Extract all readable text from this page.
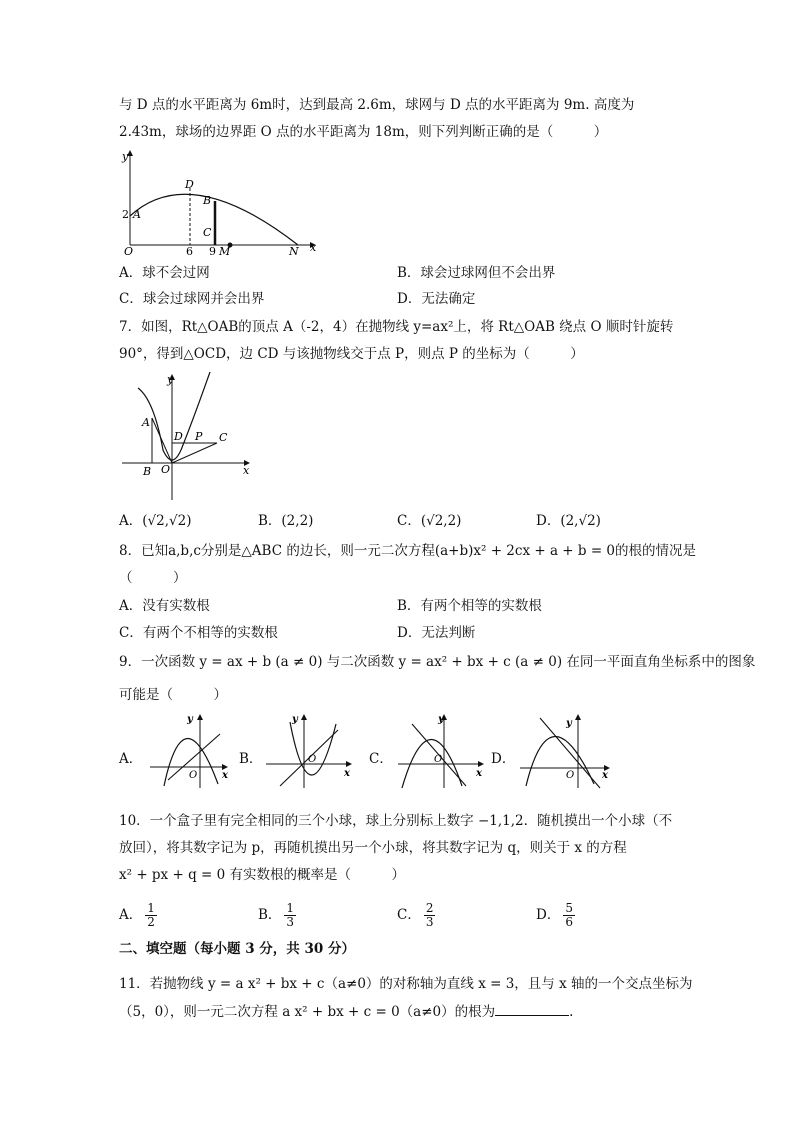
与 D 点的水平距离为 6m时，达到最高 2.6m，球网与 D 点的水平距离为 9m. 高度为
2.43m，球场的边界距 O 点的水平距离为 18m，则下列判断正确的是（　　　）
y
x
2 A
D
B
C
O	6 9 M	N
A．球不会过网	B．球会过球网但不会出界
C．球会过球网并会出界	D．无法确定
7．如图，Rt△OAB的顶点 A（-2，4）在抛物线 y=ax²上，将 Rt△OAB 绕点 O 顺时针旋转
90°，得到△OCD，边 CD 与该抛物线交于点 P，则点 P 的坐标为（　　　）
y
x
A
B O
D P C
A．(√2,√2)	B．(2,2)	C．(√2,2)	D．(2,√2)
8．已知a,b,c分别是△ABC 的边长，则一元二次方程(a+b)x² + 2cx + a + b = 0的根的情况是
（　　　）
A．没有实数根	B．有两个相等的实数根
C．有两个不相等的实数根	D．无法判断
9．一次函数 y = ax + b (a ≠ 0) 与二次函数 y = ax² + bx + c (a ≠ 0) 在同一平面直角坐标系中的图象
可能是（　　　）
A．
y
x
O
B．
y
x
O	C．
y
x
O	D．
y
x
O
10．一个盒子里有完全相同的三个小球，球上分别标上数字 −1,1,2．随机摸出一个小球（不
放回），将其数字记为 p，再随机摸出另一个小球，将其数字记为 q，则关于 x 的方程
x² + px + q = 0 有实数根的概率是（　　　）
A． $\frac{1}{2}$	B． $\frac{1}{3}$	C． $\frac{2}{3}$	D． $\frac{5}{6}$
二、填空题（每小题 3 分，共 30 分）
11．若抛物线 y = a x² + bx + c（a≠0）的对称轴为直线 x = 3，且与 x 轴的一个交点坐标为
（5，0），则一元二次方程 a x² + bx + c = 0（a≠0）的根为	.
